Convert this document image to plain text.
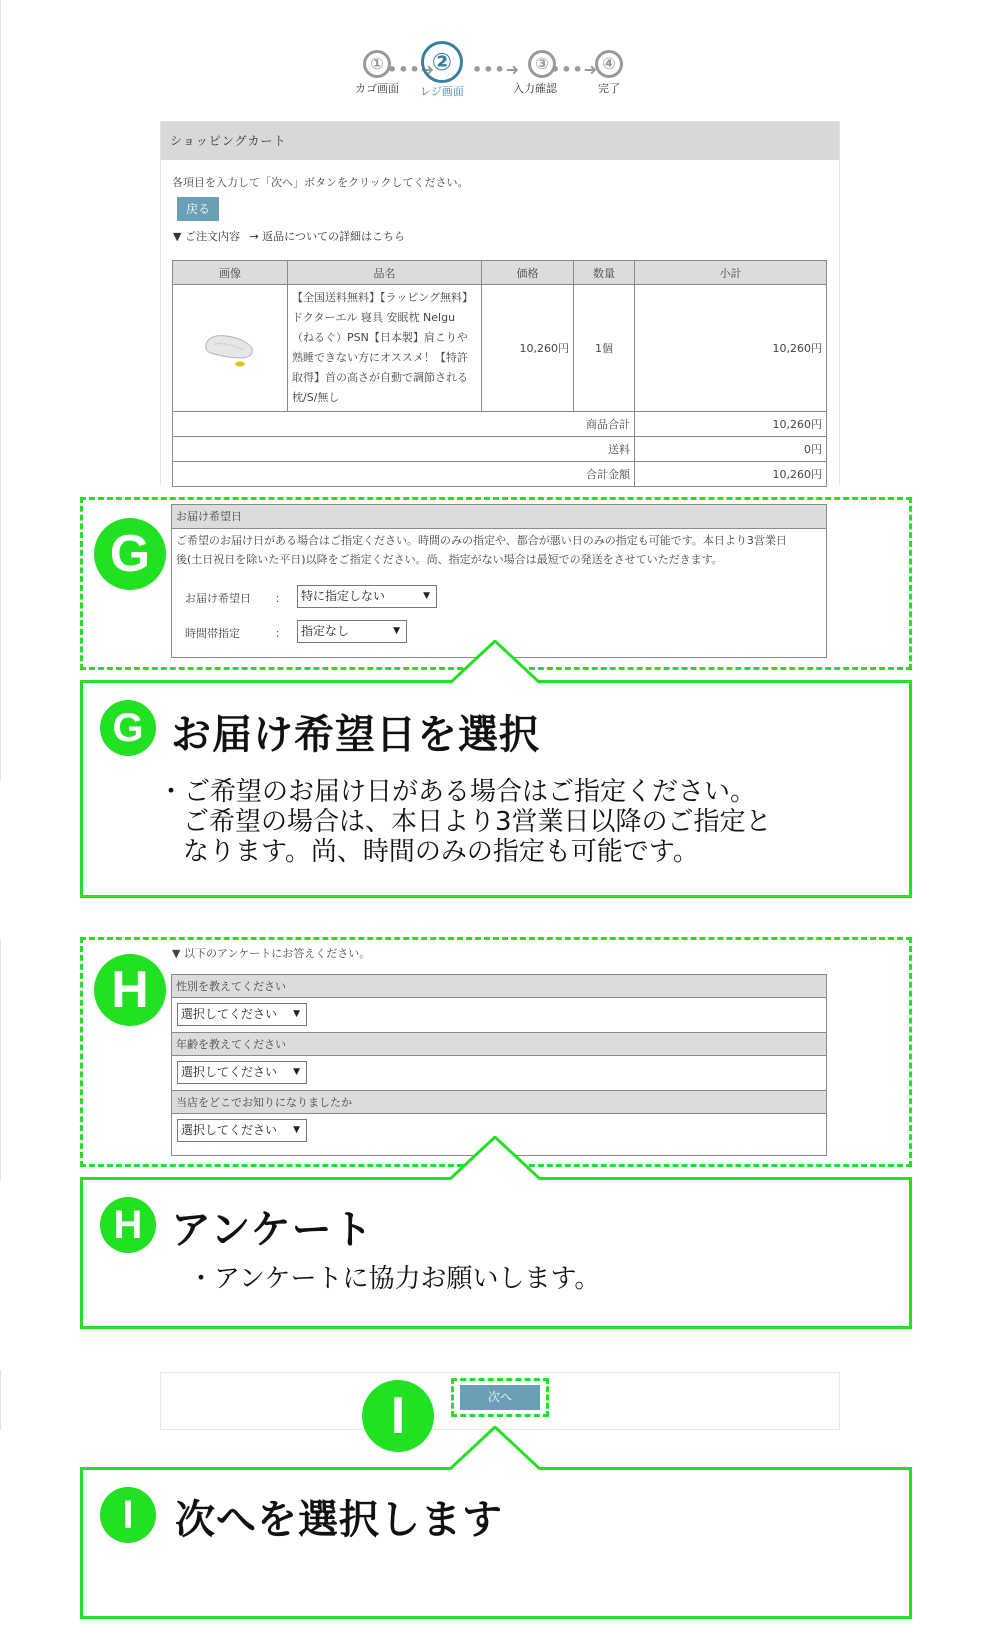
①
カゴ画面
•••➜
②
レジ画面
•••➜ ③
入力確認
•••➜ ④
完了
ショッピングカート
各項目を入力して「次へ」ボタンをクリックしてください。
戻る
▼ ご注文内容 → 返品についての詳細はこちら
画像	品名	価格	数量	小計
	【全国送料無料】【ラッピング無料】ドクターエル 寝具 安眠枕 Nelgu（ねるぐ）PSN【日本製】肩こりや熟睡できない方にオススメ！【特許取得】首の高さが自動で調節される枕/S/無し	10,260円	1個	10,260円
商品合計				10,260円
送料				0円
合計金額				10,260円
お届け希望日
ご希望のお届け日がある場合はご指定ください。時間のみの指定や、都合が悪い日のみの指定も可能です。本日より3営業日後(土日祝日を除いた平日)以降をご指定ください。尚、指定がない場合は最短での発送をさせていただきます。
お届け希望日 ：	特に指定しない	▼
時間帯指定	：	指定なし	▼
G
G お届け希望日を選択
・ご希望のお届け日がある場合はご指定ください。
ご希望の場合は、本日より3営業日以降のご指定と
なります。尚、時間のみの指定も可能です。
▼ 以下のアンケートにお答えください。
性別を教えてください
選択してください ▼
年齢を教えてください
選択してください ▼
当店をどこでお知りになりましたか
選択してください ▼
H
H アンケート
・アンケートに協力お願いします。
次へ
I
I	次へを選択します
